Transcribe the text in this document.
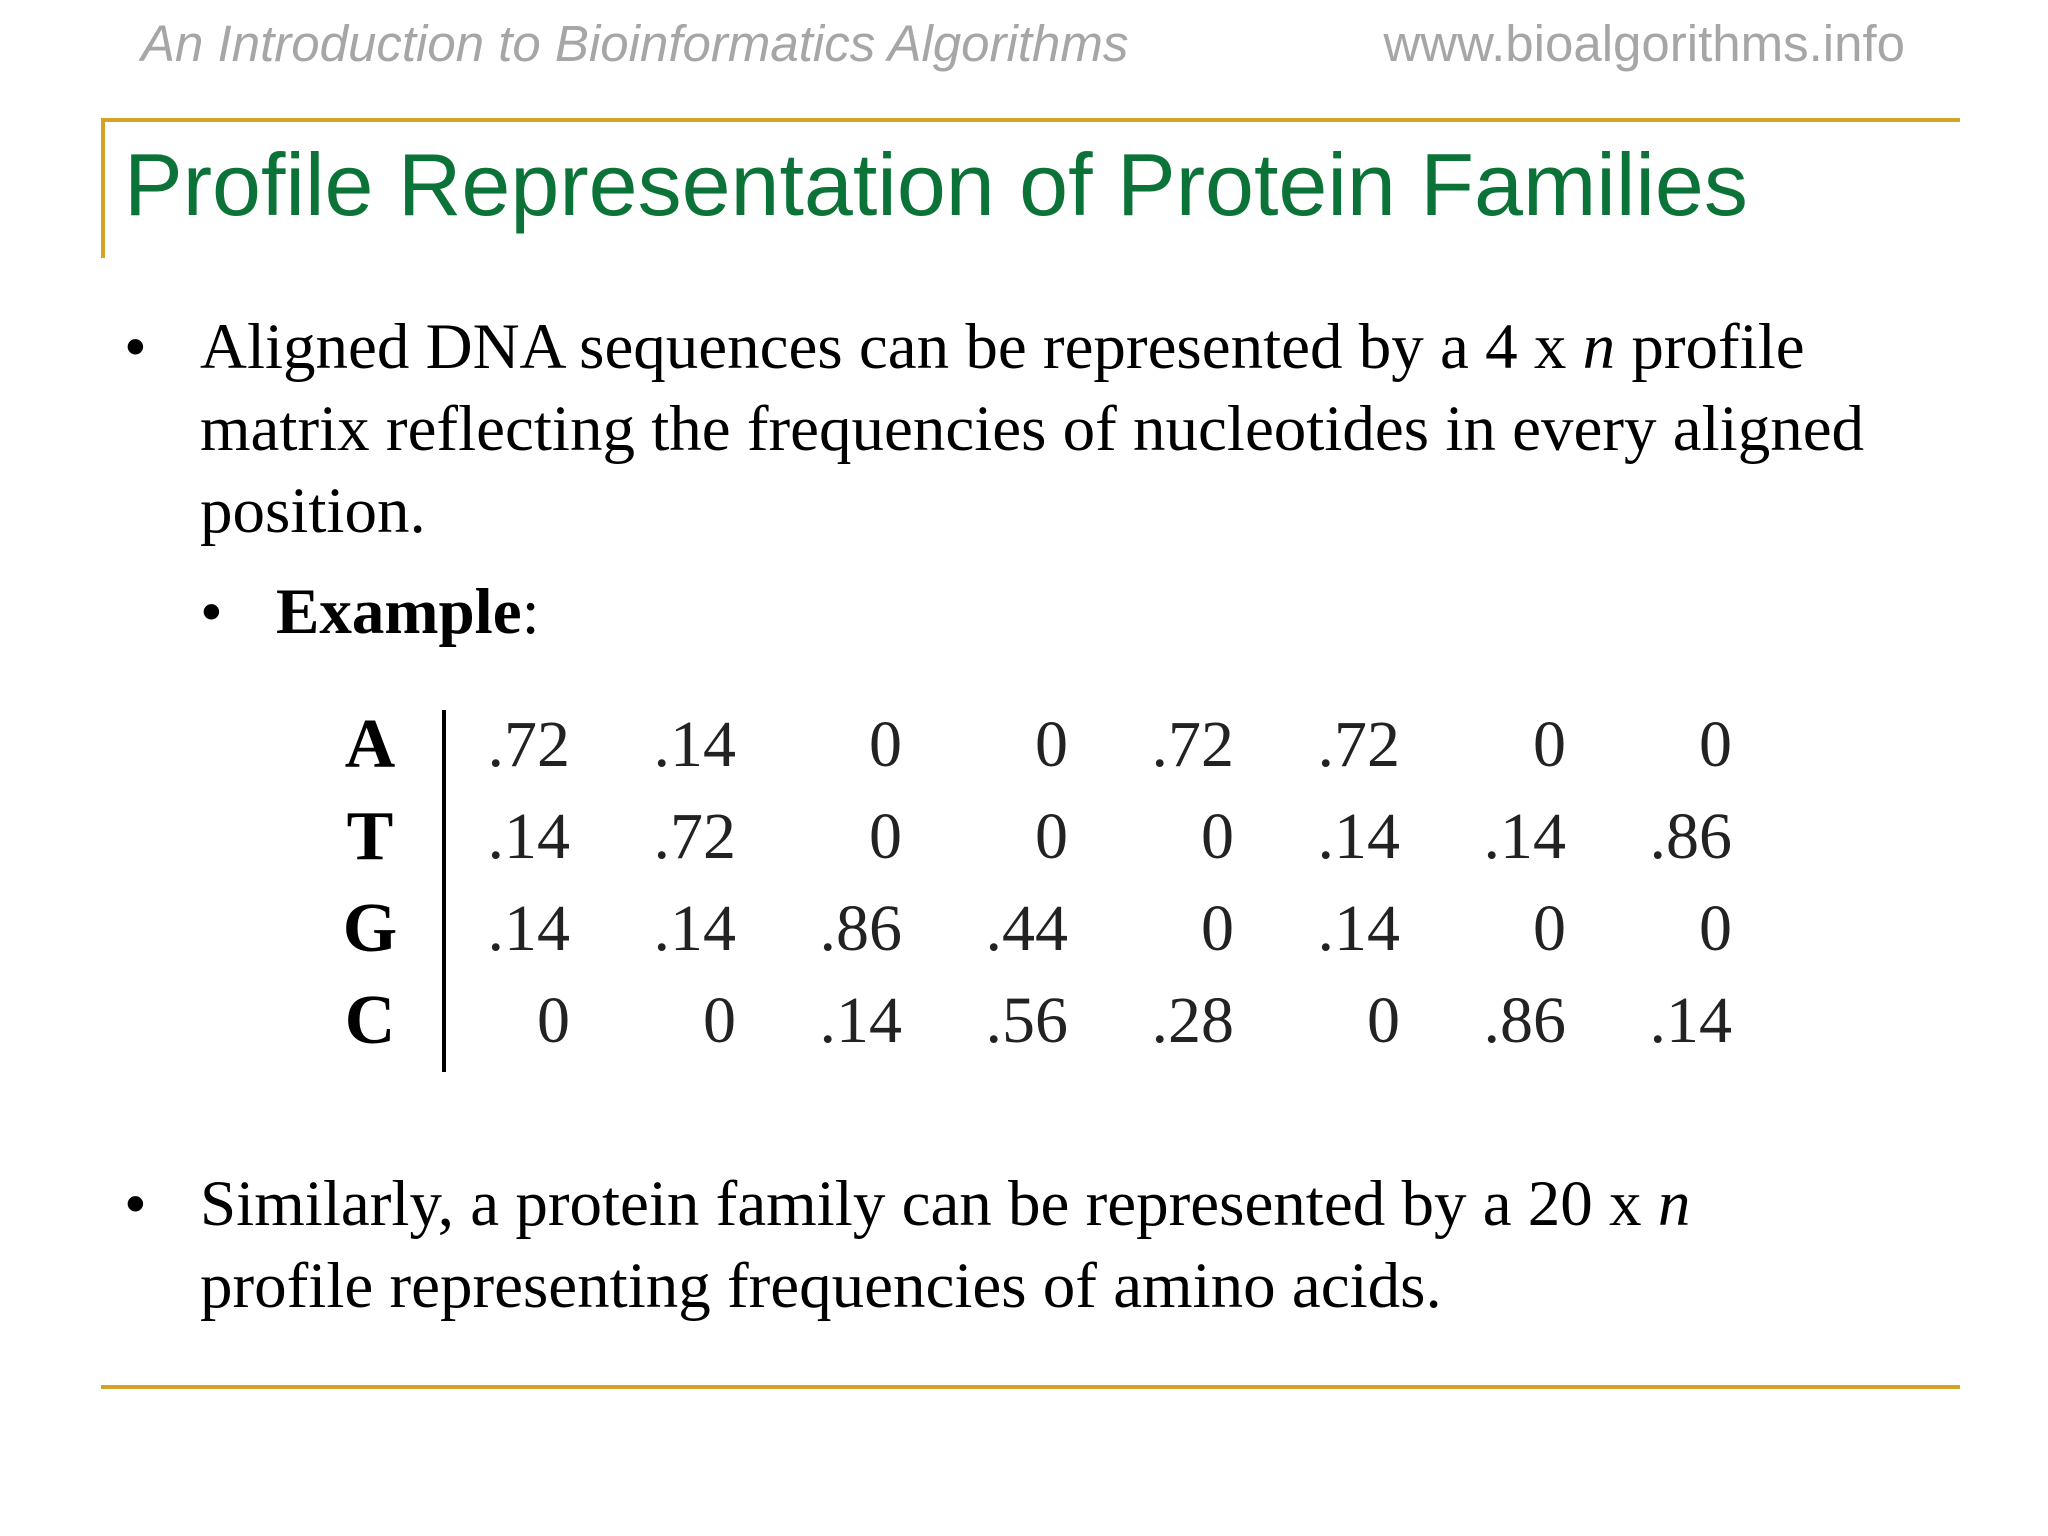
An Introduction to Bioinformatics Algorithms	www.bioalgorithms.info
Profile Representation of Protein Families
• Aligned DNA sequences can be represented by a 4 x n profile matrix reflecting the frequencies of nucleotides in every aligned position.
• Example:
A	.72	.14	0	0	.72	.72	0	0
T	.14	.72	0	0	0	.14	.14	.86
G	.14	.14	.86	.44	0	.14	0	0
C	0	0	.14	.56	.28	0	.86	.14
• Similarly, a protein family can be represented by a 20 x n profile representing frequencies of amino acids.
